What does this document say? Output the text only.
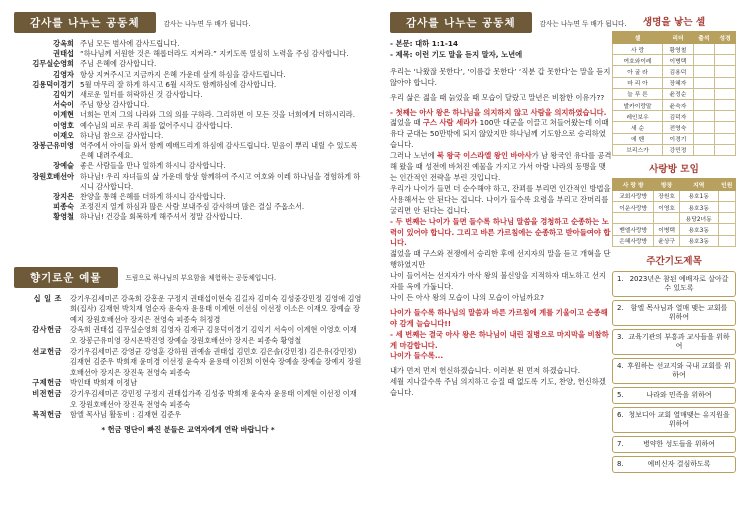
감사를 나누는 공동체	감사는 나누면 두 배가 됩니다.
강옥희 주님 모든 범사에 감사드립니다.
권태섭 “하나님께 서원한 것은 해롭더라도 지켜라.” 지키도록 열심히 노력을 주심 감사합니다.
김무실순영희 주님 은혜에 감사합니다.
김영자 항상 지켜주시고 지금까지 은혜 가운데 살게 하심을 감사드립니다.
김용덕이경기 5월 마무리 잘 하게 하시고 6월 시작도 함께하심에 감사합니다.
김익기 새로운 일터를 허락하신 것 감사합니다.
서숙이 주님 항상 감사합니다.
이계현 너희는 먼저 그의 나라와 그의 의를 구하라. 그리하면 이 모든 것을 너희에게 더하시리라.
이영호 예수님의 피로 우리 죄를 없어주시니 감사합니다.
이재오 하나님 참으로 감사합니다.
장봉근유미영 역주에서 아이들 와서 함께 예배드리게 하심에 감사드립니다. 믿음이 뿌리 내릴 수 있도록 은혜 내려주세요.
장예슬 좋은 사람들을 만나 일하게 하시니 감사합니다.
장원호배선아 하나님! 우리 자녀들의 삶 가운데 항상 함께하여 주시고 여호와 이레 하나님을 경험하게 하시니 감사합니다.
장지은 찬양을 통해 은혜를 더하게 하시니 감사합니다.
피종숙 조정진지 열게 하심과 많은 사람 보내주심 감사하며 많은 결실 주옵소서.
황영철 하나님! 건강을 회복하게 해주셔서 정말 감사합니다.
향기로운 예물	드림으로 하나님의 부요함을 체험하는 공동체입니다.
십 일 조	강기우김세미곤 강옥희 강흥운 구정지 권태섭이현숙 김길자 김미숙 김성중강민정 김영애 김영희(집사) 김재현 박치재 염순자 윤숙자 윤용태 이계현 이선심 이선정 이소은 이재오 장예슬 장예지 장원호배선아 장지은 전영숙 피종숙 허정경
감사헌금	강옥희 권태섭 김무실순영희 김영자 김재구 김용덕이경기 김익기 서숙이 이계현 이영호 이재오 장봉근유미영 장시온박진영 장예슬 장원호배선아 장지은 피종숙 황영철
선교헌금	강기우김세미곤 강영균 강영훈 강하원 권예솔 권태섭 김민호 김은솔(강민정) 김은유(강민정) 김재현 김준우 박희재 윤미경 이선정 윤숙자 윤용태 이진희 이현숙 장예솔 장예슬 장예지 장원호배선아 장지은 장진욱 전영숙 피종숙
구제헌금	박인태 박희재 이정남
비전헌금	강기우김세미곤 강민정 구정지 권태섭가족 김성중 박희재 윤숙자 윤용태 이계현 이선정 이재오 장원호배선아 장진욱 전영숙 피종숙
목적헌금	함엘 목사님 활동비 : 김재현 김준우
* 헌금 명단이 빠진 분들은 교역자에게 연락 바랍니다 *
감사를 나누는 공동체	감사는 나누면 두 배가 됩니다.
- 본문: 대하 1:1-14
- 제목: 이런 기도 말을 듣지 말자, 노년에

우리는 ‘나왔잖 못한다’, ‘이름갑 못한다’ ‘직분 갑 못한다’는 말을 듣지 않아야 합니다.

우리 삶은 젊을 때 늙었을 때 모습이 달랐고 말년은 비참한 이유가??

- 첫째는 아사 왕은 하나님을 의지하지 않고 사람을 의지하였습니다.

젊었을 때 구스 사람 세라가 100만 대군을 이끌고 쳐들어왔는데 이때 유다 군대는 50만밖에 되지 않았지만 하나님께 기도함으로 승리하였습니다.

그러나 노년에 북 왕국 이스라엘 왕인 바아사가 남 왕국인 유다를 공격해 왔을 때 성전에 바쳐진 예물을 가지고 가서 아람 나라의 동맹을 맺는 인간적인 전략을 부린 것입니다.

우리가 나이가 들면 더 순수해야 하고, 잔꾀를 부리면 인간적인 방법을 사용해서는 안 된다는 겁니다. 나이가 들수록 요령을 부리고 잔머리를 굴리면 안 된다는 겁니다.

- 두 번째는 나이가 들면 들수록 하나님 말씀을 경청하고 순종하는 노력이 있어야 합니다. 그리고 바른 가르침에는 순종하고 받아들여야 합니다.

젊었을 때 구스와 전쟁에서 승리한 후에 선지자의 말을 듣고 개혁을 단행하였지만

나이 들어서는 선지자가 아사 왕의 불신앙을 지적하자 대노하고 선지자를 옥에 가둡니다.

나이 든 아사 왕의 모습이 나의 모습이 아닐까요?

나이가 들수록 하나님의 말씀과 바른 가르침에 계를 기울이고 순종해야 감게 늘습니다!!

- 세 번째는 결국 아사 왕은 하나님이 내린 질병으로 마지막을 비참하게 마감합니다.

나이가 들수록...

내가 먼저 먼저 헌신하겠습니다. 이러분 왼 먼저 하겠습니다.

세월 지나갈수록 주님 의지하고 승질 때 없도록 기도, 찬양, 헌신하겠습니다.

생명을 낳는 셀
셀	리더	출석	성경
사 랑	황영철		
여호와이레	이병택		
아 굴 라	김용덕		
마 리 아	장혜자		
늘 푸 른	윤정순		
발카이랑말	윤숙자		
레인보우	김덕자		
새 순	전영숙		
에 벤	이경기		
브리스가	강민정		
사랑방 모임
사 랑 방	방장	지역	인원
교회사랑방	장원호	용호1동	
이운사랑방	이영호	용호3동	
		용당2녀동	
벧엘사랑방	이병택	용호3동	
은혜사랑방	윤상구	용호3동	
주간기도제목
1. 2023년은 참된 예배자로 살아갈 수 있도록
2. 함엘 목사님과 열매 맺는 교회를 위하여
3. 교육기관의 부흥과 교사들을 위하여
4. 후원하는 선교지와 국내 교회를 위하여
5.	나라와 민족을 위하여
6. 청보디아 교회 열매맺는 유지원을 위하여
7.	병약한 성도들을 위하여
8.	예비신자 결심하도록
